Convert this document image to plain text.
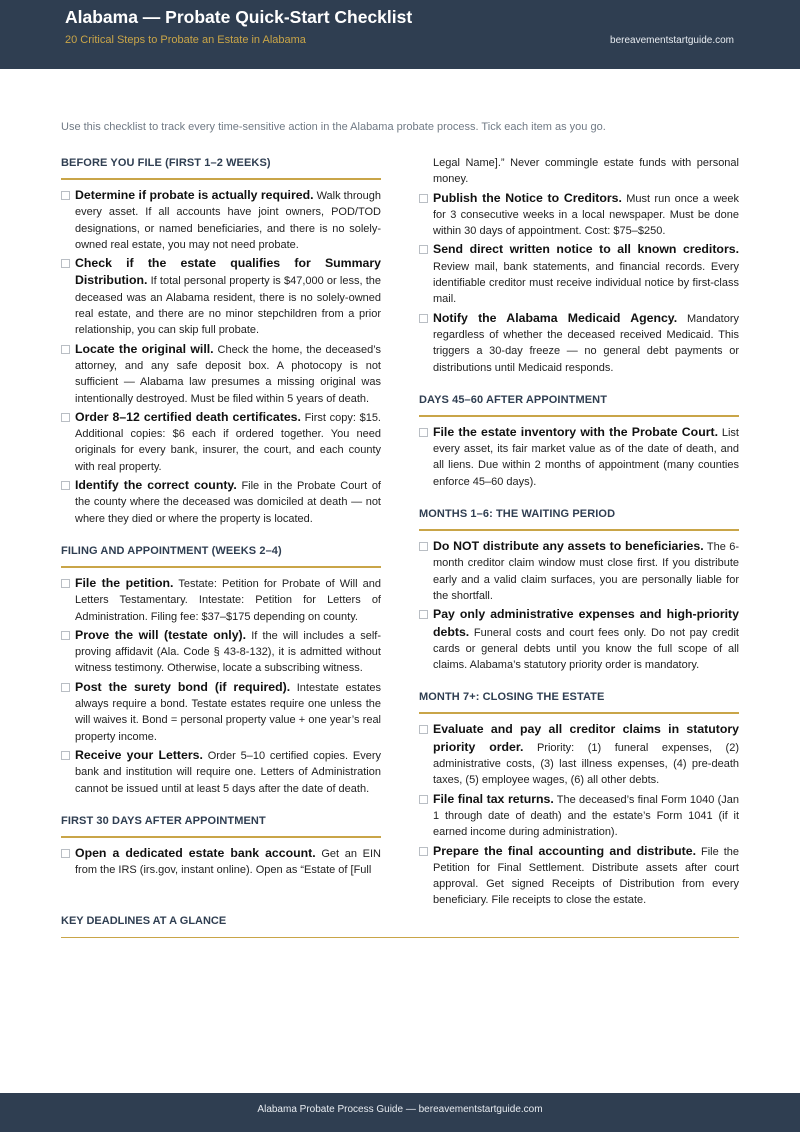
Alabama — Probate Quick-Start Checklist
20 Critical Steps to Probate an Estate in Alabama	bereavementstartguide.com
Use this checklist to track every time-sensitive action in the Alabama probate process. Tick each item as you go.
BEFORE YOU FILE (FIRST 1–2 WEEKS)
Determine if probate is actually required. Walk through every asset. If all accounts have joint owners, POD/TOD designations, or named beneficiaries, and there is no solely-owned real estate, you may not need probate.
Check if the estate qualifies for Summary Distribution. If total personal property is $47,000 or less, the deceased was an Alabama resident, there is no solely-owned real estate, and there are no minor stepchildren from a prior relationship, you can skip full probate.
Locate the original will. Check the home, the deceased’s attorney, and any safe deposit box. A photocopy is not sufficient — Alabama law presumes a missing original was intentionally destroyed. Must be filed within 5 years of death.
Order 8–12 certified death certificates. First copy: $15. Additional copies: $6 each if ordered together. You need originals for every bank, insurer, the court, and each county with real property.
Identify the correct county. File in the Probate Court of the county where the deceased was domiciled at death — not where they died or where the property is located.
FILING AND APPOINTMENT (WEEKS 2–4)
File the petition. Testate: Petition for Probate of Will and Letters Testamentary. Intestate: Petition for Letters of Administration. Filing fee: $37–$175 depending on county.
Prove the will (testate only). If the will includes a self-proving affidavit (Ala. Code § 43-8-132), it is admitted without witness testimony. Otherwise, locate a subscribing witness.
Post the surety bond (if required). Intestate estates always require a bond. Testate estates require one unless the will waives it. Bond = personal property value + one year’s real property income.
Receive your Letters. Order 5–10 certified copies. Every bank and institution will require one. Letters of Administration cannot be issued until at least 5 days after the date of death.
FIRST 30 DAYS AFTER APPOINTMENT
Open a dedicated estate bank account. Get an EIN from the IRS (irs.gov, instant online). Open as “Estate of [Full
Legal Name].” Never commingle estate funds with personal money.
Publish the Notice to Creditors. Must run once a week for 3 consecutive weeks in a local newspaper. Must be done within 30 days of appointment. Cost: $75–$250.
Send direct written notice to all known creditors. Review mail, bank statements, and financial records. Every identifiable creditor must receive individual notice by first-class mail.
Notify the Alabama Medicaid Agency. Mandatory regardless of whether the deceased received Medicaid. This triggers a 30-day freeze — no general debt payments or distributions until Medicaid responds.
DAYS 45–60 AFTER APPOINTMENT
File the estate inventory with the Probate Court. List every asset, its fair market value as of the date of death, and all liens. Due within 2 months of appointment (many counties enforce 45–60 days).
MONTHS 1–6: THE WAITING PERIOD
Do NOT distribute any assets to beneficiaries. The 6-month creditor claim window must close first. If you distribute early and a valid claim surfaces, you are personally liable for the shortfall.
Pay only administrative expenses and high-priority debts. Funeral costs and court fees only. Do not pay credit cards or general debts until you know the full scope of all claims. Alabama’s statutory priority order is mandatory.
MONTH 7+: CLOSING THE ESTATE
Evaluate and pay all creditor claims in statutory priority order. Priority: (1) funeral expenses, (2) administrative costs, (3) last illness expenses, (4) pre-death taxes, (5) employee wages, (6) all other debts.
File final tax returns. The deceased’s final Form 1040 (Jan 1 through date of death) and the estate’s Form 1041 (if it earned income during administration).
Prepare the final accounting and distribute. File the Petition for Final Settlement. Distribute assets after court approval. Get signed Receipts of Distribution from every beneficiary. File receipts to close the estate.
KEY DEADLINES AT A GLANCE
Alabama Probate Process Guide — bereavementstartguide.com
